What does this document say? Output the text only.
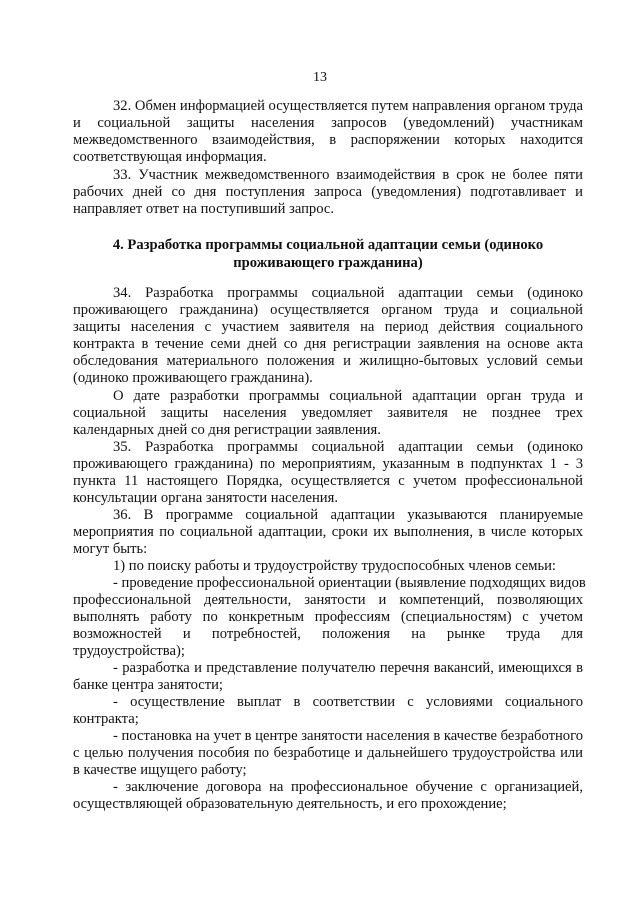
13
32. Обмен информацией осуществляется путем направления органом труда
и социальной защиты населения запросов (уведомлений) участникам
межведомственного взаимодействия, в распоряжении которых находится
соответствующая информация.
33. Участник межведомственного взаимодействия в срок не более пяти
рабочих дней со дня поступления запроса (уведомления) подготавливает и
направляет ответ на поступивший запрос.
4. Разработка программы социальной адаптации семьи (одиноко
проживающего гражданина)
34. Разработка программы социальной адаптации семьи (одиноко
проживающего гражданина) осуществляется органом труда и социальной
защиты населения с участием заявителя на период действия социального
контракта в течение семи дней со дня регистрации заявления на основе акта
обследования материального положения и жилищно-бытовых условий семьи
(одиноко проживающего гражданина).
О дате разработки программы социальной адаптации орган труда и
социальной защиты населения уведомляет заявителя не позднее трех
календарных дней со дня регистрации заявления.
35. Разработка программы социальной адаптации семьи (одиноко
проживающего гражданина) по мероприятиям, указанным в подпунктах 1 - 3
пункта 11 настоящего Порядка, осуществляется с учетом профессиональной
консультации органа занятости населения.
36. В программе социальной адаптации указываются планируемые
мероприятия по социальной адаптации, сроки их выполнения, в числе которых
могут быть:
1) по поиску работы и трудоустройству трудоспособных членов семьи:
- проведение профессиональной ориентации (выявление подходящих видов
профессиональной деятельности, занятости и компетенций, позволяющих
выполнять работу по конкретным профессиям (специальностям) с учетом
возможностей и потребностей, положения на рынке труда для
трудоустройства);
- разработка и представление получателю перечня вакансий, имеющихся в
банке центра занятости;
- осуществление выплат в соответствии с условиями социального
контракта;
- постановка на учет в центре занятости населения в качестве безработного
с целью получения пособия по безработице и дальнейшего трудоустройства или
в качестве ищущего работу;
- заключение договора на профессиональное обучение с организацией,
осуществляющей образовательную деятельность, и его прохождение;
